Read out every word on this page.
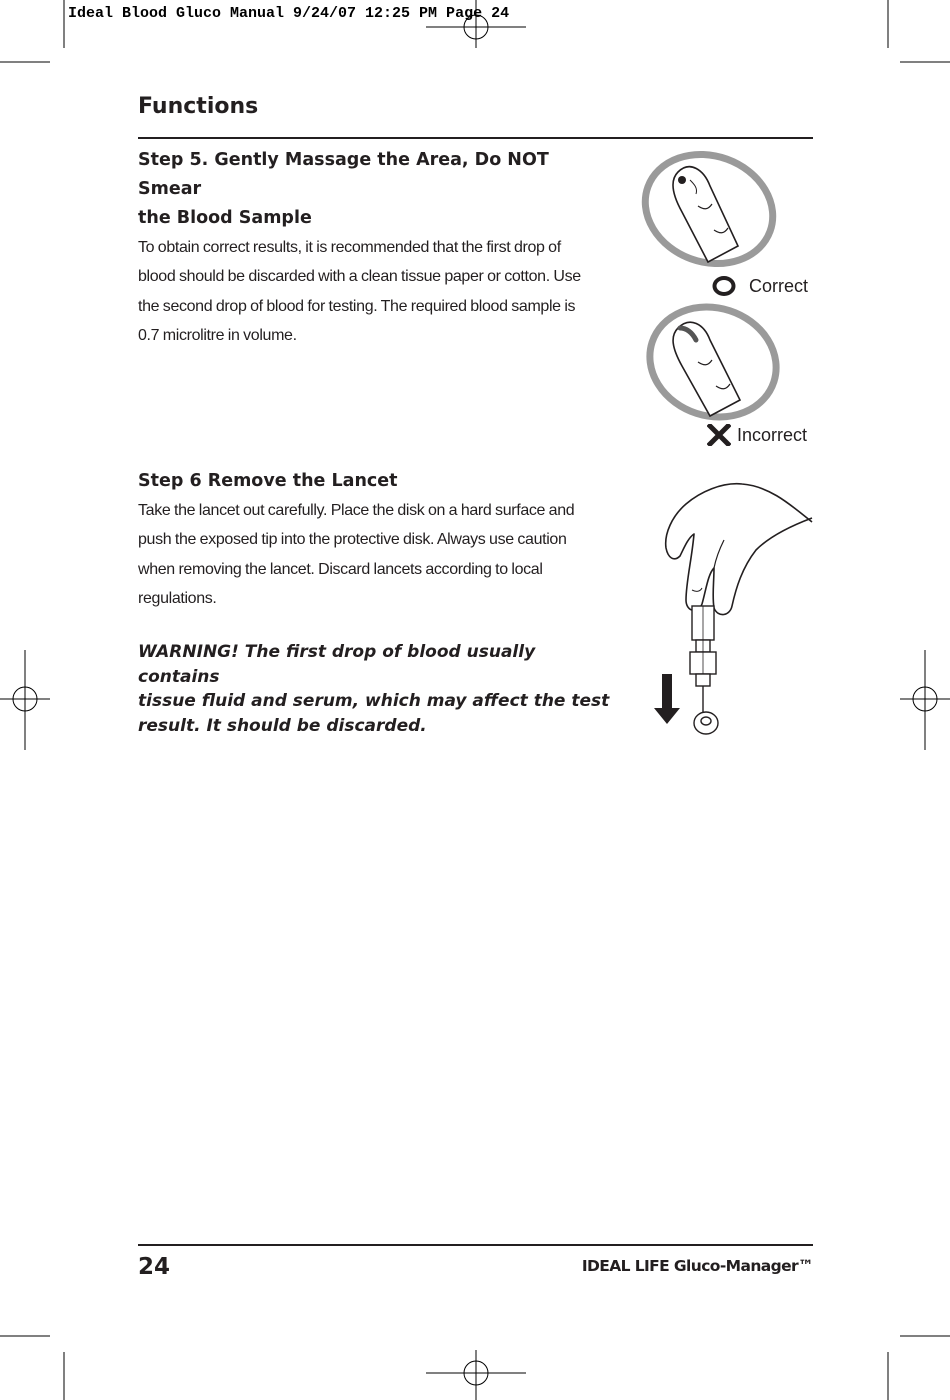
Ideal Blood Gluco Manual 9/24/07 12:25 PM Page 24
Functions
Step 5. Gently Massage the Area, Do NOT Smear
the Blood Sample
To obtain correct results, it is recommended that the first drop of
blood should be discarded with a clean tissue paper or cotton. Use
the second drop of blood for testing. The required blood sample is
0.7 microlitre in volume.
Correct
Incorrect
Step 6 Remove the Lancet
Take the lancet out carefully. Place the disk on a hard surface and
push the exposed tip into the protective disk. Always use caution
when removing the lancet. Discard lancets according to local
regulations.
WARNING! The first drop of blood usually contains
tissue fluid and serum, which may affect the test
result. It should be discarded.
24	IDEAL LIFE Gluco-Manager™
